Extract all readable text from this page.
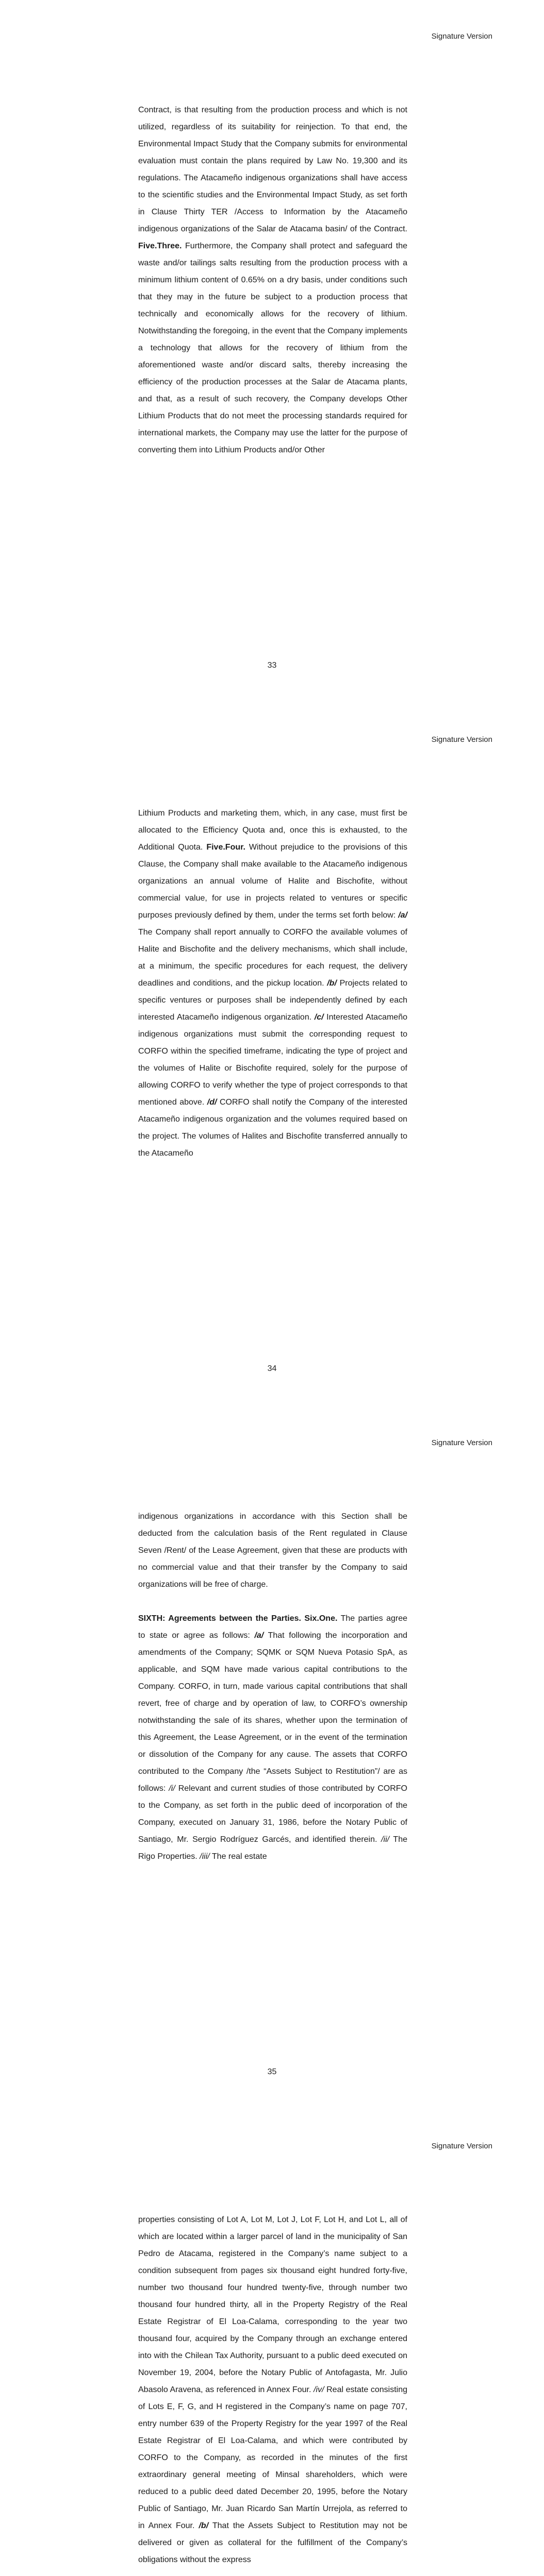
Signature Version

Contract, is that resulting from the production process and which is not utilized, regardless of its suitability for reinjection. To that end, the Environmental Impact Study that the Company submits for environmental evaluation must contain the plans required by Law No. 19,300 and its regulations. The Atacameño indigenous organizations shall have access to the scientific studies and the Environmental Impact Study, as set forth in Clause Thirty TER /Access to Information by the Atacameño indigenous organizations of the Salar de Atacama basin/ of the Contract. Five.Three. Furthermore, the Company shall protect and safeguard the waste and/or tailings salts resulting from the production process with a minimum lithium content of 0.65% on a dry basis, under conditions such that they may in the future be subject to a production process that technically and economically allows for the recovery of lithium. Notwithstanding the foregoing, in the event that the Company implements a technology that allows for the recovery of lithium from the aforementioned waste and/or discard salts, thereby increasing the efficiency of the production processes at the Salar de Atacama plants, and that, as a result of such recovery, the Company develops Other Lithium Products that do not meet the processing standards required for international markets, the Company may use the latter for the purpose of converting them into Lithium Products and/or Other

33
Signature Version

Lithium Products and marketing them, which, in any case, must first be allocated to the Efficiency Quota and, once this is exhausted, to the Additional Quota. Five.Four. Without prejudice to the provisions of this Clause, the Company shall make available to the Atacameño indigenous organizations an annual volume of Halite and Bischofite, without commercial value, for use in projects related to ventures or specific purposes previously defined by them, under the terms set forth below: /a/ The Company shall report annually to CORFO the available volumes of Halite and Bischofite and the delivery mechanisms, which shall include, at a minimum, the specific procedures for each request, the delivery deadlines and conditions, and the pickup location. /b/ Projects related to specific ventures or purposes shall be independently defined by each interested Atacameño indigenous organization. /c/ Interested Atacameño indigenous organizations must submit the corresponding request to CORFO within the specified timeframe, indicating the type of project and the volumes of Halite or Bischofite required, solely for the purpose of allowing CORFO to verify whether the type of project corresponds to that mentioned above. /d/ CORFO shall notify the Company of the interested Atacameño indigenous organization and the volumes required based on the project. The volumes of Halites and Bischofite transferred annually to the Atacameño

34
Signature Version

indigenous organizations in accordance with this Section shall be deducted from the calculation basis of the Rent regulated in Clause Seven /Rent/ of the Lease Agreement, given that these are products with no commercial value and that their transfer by the Company to said organizations will be free of charge.

SIXTH: Agreements between the Parties. Six.One. The parties agree to state or agree as follows: /a/ That following the incorporation and amendments of the Company; SQMK or SQM Nueva Potasio SpA, as applicable, and SQM have made various capital contributions to the Company. CORFO, in turn, made various capital contributions that shall revert, free of charge and by operation of law, to CORFO’s ownership notwithstanding the sale of its shares, whether upon the termination of this Agreement, the Lease Agreement, or in the event of the termination or dissolution of the Company for any cause. The assets that CORFO contributed to the Company /the “Assets Subject to Restitution”/ are as follows: /i/ Relevant and current studies of those contributed by CORFO to the Company, as set forth in the public deed of incorporation of the Company, executed on January 31, 1986, before the Notary Public of Santiago, Mr. Sergio Rodríguez Garcés, and identified therein. /ii/ The Rigo Properties. /iii/ The real estate

35
Signature Version

properties consisting of Lot A, Lot M, Lot J, Lot F, Lot H, and Lot L, all of which are located within a larger parcel of land in the municipality of San Pedro de Atacama, registered in the Company’s name subject to a condition subsequent from pages six thousand eight hundred forty-five, number two thousand four hundred twenty-five, through number two thousand four hundred thirty, all in the Property Registry of the Real Estate Registrar of El Loa-Calama, corresponding to the year two thousand four, acquired by the Company through an exchange entered into with the Chilean Tax Authority, pursuant to a public deed executed on November 19, 2004, before the Notary Public of Antofagasta, Mr. Julio Abasolo Aravena, as referenced in Annex Four. /iv/ Real estate consisting of Lots E, F, G, and H registered in the Company’s name on page 707, entry number 639 of the Property Registry for the year 1997 of the Real Estate Registrar of El Loa-Calama, and which were contributed by CORFO to the Company, as recorded in the minutes of the first extraordinary general meeting of Minsal shareholders, which were reduced to a public deed dated December 20, 1995, before the Notary Public of Santiago, Mr. Juan Ricardo San Martín Urrejola, as referred to in Annex Four. /b/ That the Assets Subject to Restitution may not be delivered or given as collateral for the fulfillment of the Company’s obligations without the express
